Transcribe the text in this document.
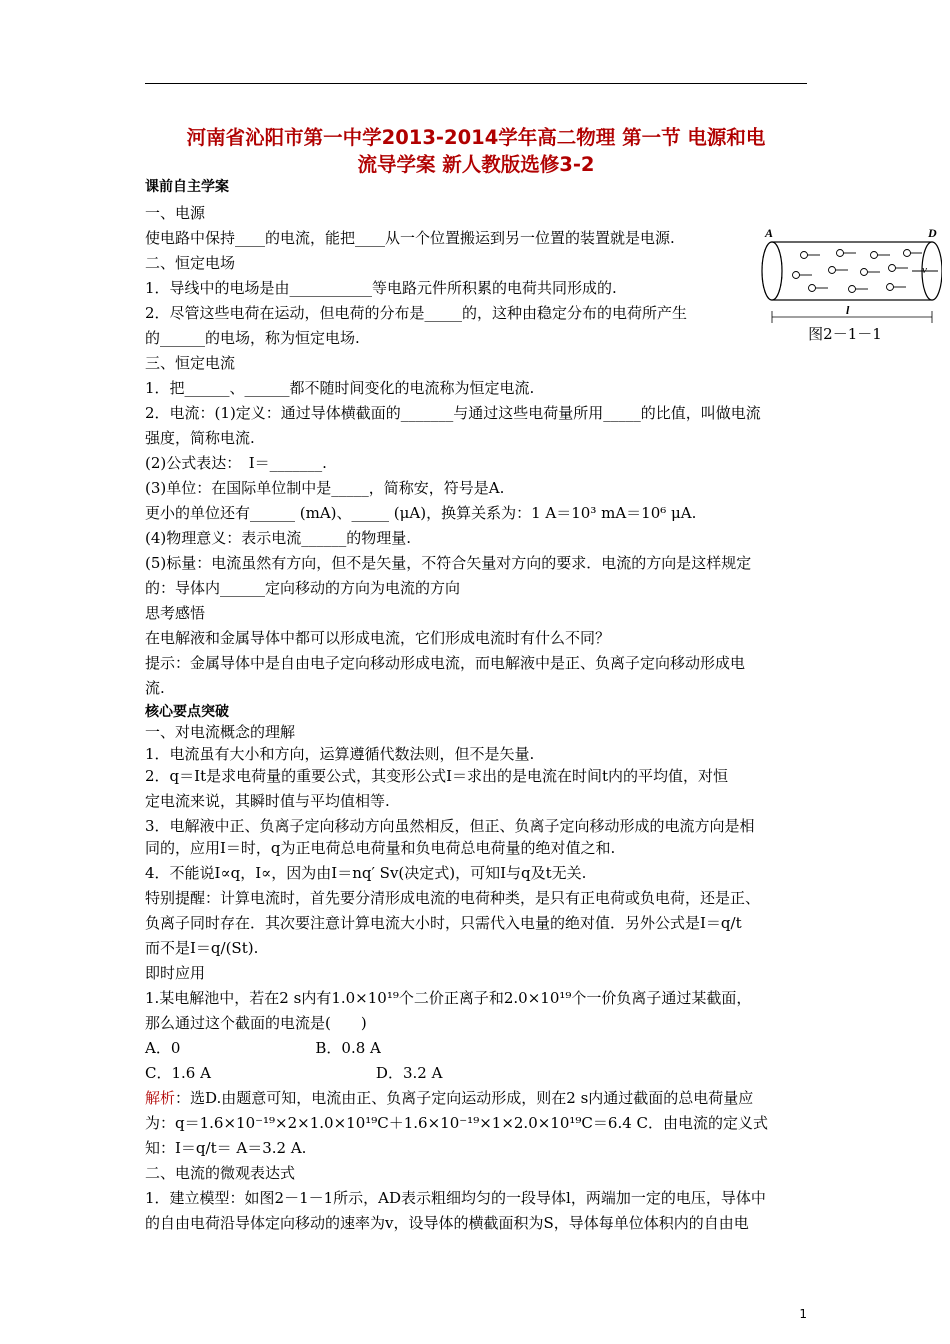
河南省沁阳市第一中学2013-2014学年高二物理 第一节 电源和电
流导学案 新人教版选修3-2
课前自主学案
一、电源
使电路中保持____的电流，能把____从一个位置搬运到另一位置的装置就是电源.
二、恒定电场
1．导线中的电场是由___________等电路元件所积累的电荷共同形成的.
2．尽管这些电荷在运动，但电荷的分布是_____的，这种由稳定分布的电荷所产生
的______的电场，称为恒定电场.
三、恒定电流
1．把______、______都不随时间变化的电流称为恒定电流.
2．电流：(1)定义：通过导体横截面的_______与通过这些电荷量所用_____的比值，叫做电流
强度，简称电流.
(2)公式表达：　I＝_______.
(3)单位：在国际单位制中是_____，简称安，符号是A.
更小的单位还有______ (mA)、_____ (μA)，换算关系为：1 A＝10³ mA＝10⁶ μA.
(4)物理意义：表示电流______的物理量.
(5)标量：电流虽然有方向，但不是矢量，不符合矢量对方向的要求．电流的方向是这样规定
的：导体内______定向移动的方向为电流的方向
思考感悟
在电解液和金属导体中都可以形成电流，它们形成电流时有什么不同？
提示：金属导体中是自由电子定向移动形成电流，而电解液中是正、负离子定向移动形成电
流.
核心要点突破
一、对电流概念的理解
1．电流虽有大小和方向，运算遵循代数法则，但不是矢量.
2．q＝It是求电荷量的重要公式，其变形公式I＝求出的是电流在时间t内的平均值，对恒
定电流来说，其瞬时值与平均值相等.
3．电解液中正、负离子定向移动方向虽然相反，但正、负离子定向移动形成的电流方向是相
同的，应用I＝时，q为正电荷总电荷量和负电荷总电荷量的绝对值之和.
4．不能说I∝q，I∝，因为由I＝nq′ Sv(决定式)，可知I与q及t无关.
特别提醒：计算电流时，首先要分清形成电流的电荷种类，是只有正电荷或负电荷，还是正、
负离子同时存在．其次要注意计算电流大小时，只需代入电量的绝对值．另外公式是I＝q/t
而不是I＝q/(St).
即时应用
1.某电解池中，若在2 s内有1.0×10¹⁹个二价正离子和2.0×10¹⁹个一价负离子通过某截面，
那么通过这个截面的电流是(　　)
A．0　　　　　　　　　B．0.8 A
C．1.6 A　　　　　　　　　　　D．3.2 A
解析：选D.由题意可知，电流由正、负离子定向运动形成，则在2 s内通过截面的总电荷量应
为：q＝1.6×10⁻¹⁹×2×1.0×10¹⁹C＋1.6×10⁻¹⁹×1×2.0×10¹⁹C＝6.4 C．由电流的定义式
知：I＝q/t＝ A＝3.2 A.
二、电流的微观表达式
1．建立模型：如图2－1－1所示，AD表示粗细均匀的一段导体l，两端加一定的电压，导体中
的自由电荷沿导体定向移动的速率为v，设导体的横截面积为S，导体每单位体积内的自由电
A	D
v
l
图2－1－1
1
